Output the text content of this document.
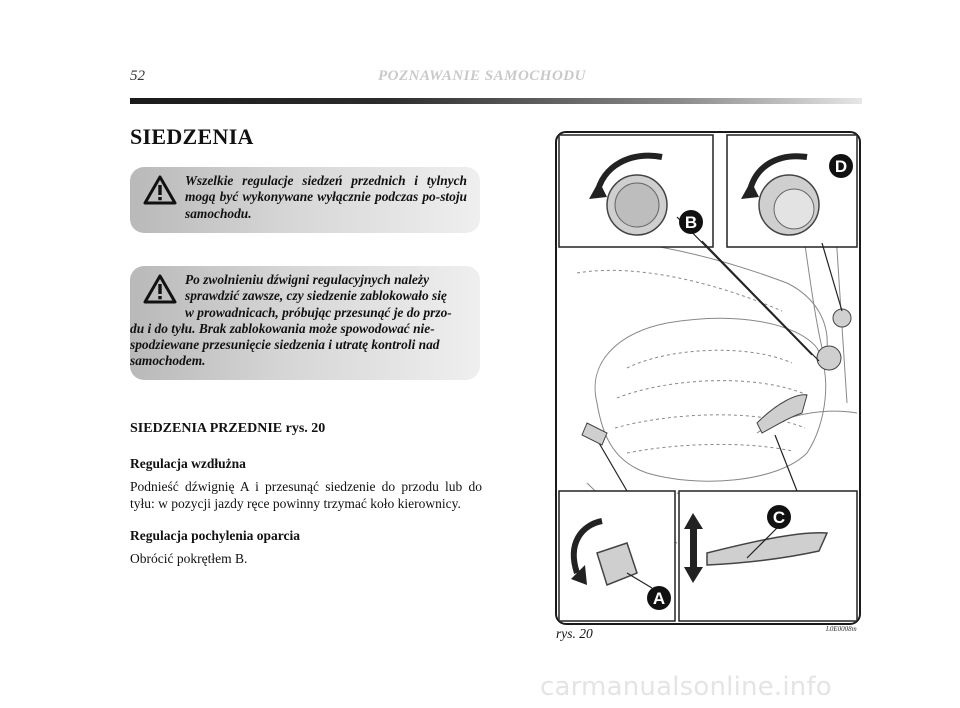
52	POZNAWANIE SAMOCHODU
SIEDZENIA
Wszelkie regulacje siedzeń przednich i tylnych mogą być wykonywane wyłącznie podczas po-stoju samochodu.
Po zwolnieniu dźwigni regulacyjnych należy
sprawdzić zawsze, czy siedzenie zablokowało się
w prowadnicach, próbując przesunąć je do przo-
du i do tyłu. Brak zablokowania może spowodować nie-
spodziewane przesunięcie siedzenia i utratę kontroli nad
samochodem.
SIEDZENIA PRZEDNIE rys. 20
Regulacja wzdłużna
Podnieść dźwignię A i przesunąć siedzenie do przodu lub do tyłu: w pozycji jazdy ręce powinny trzymać koło kierownicy.
Regulacja pochylenia oparcia
Obrócić pokrętłem B.
B
D
A
C
rys. 20	L0E0008m
carmanualsonline.info
